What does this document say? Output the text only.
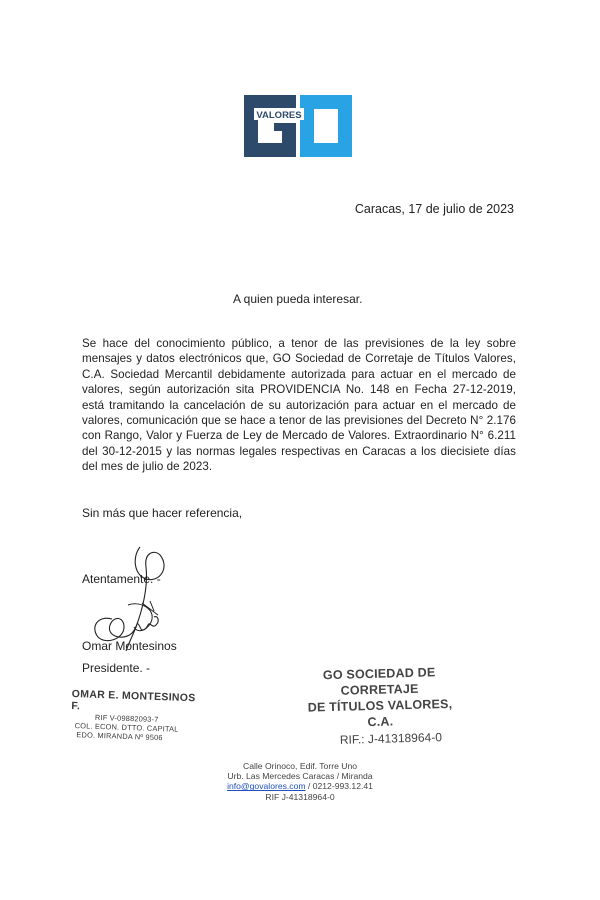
VALORES
Caracas, 17 de julio de 2023
A quien pueda interesar.
Se hace del conocimiento público, a tenor de las previsiones de la ley sobre mensajes y datos electrónicos que, GO Sociedad de Corretaje de Títulos Valores, C.A. Sociedad Mercantil debidamente autorizada para actuar en el mercado de valores, según autorización sita PROVIDENCIA No. 148 en Fecha 27-12-2019, está tramitando la cancelación de su autorización para actuar en el mercado de valores, comunicación que se hace a tenor de las previsiones del Decreto N° 2.176 con Rango, Valor y Fuerza de Ley de Mercado de Valores. Extraordinario N° 6.211 del 30-12-2015 y las normas legales respectivas en Caracas a los diecisiete días del mes de julio de 2023.
Sin más que hacer referencia,
Atentamente. -
Omar Montesinos
Presidente. -
OMAR E. MONTESINOS F.
RIF V-09882093-7
COL. ECON. DTTO. CAPITAL
EDO. MIRANDA Nº 9506
GO SOCIEDAD DE CORRETAJE
DE TÍTULOS VALORES, C.A.
RIF.: J-41318964-0
Calle Orinoco, Edif. Torre Uno
Urb. Las Mercedes Caracas / Miranda
info@govalores.com / 0212-993.12.41
RIF J-41318964-0
